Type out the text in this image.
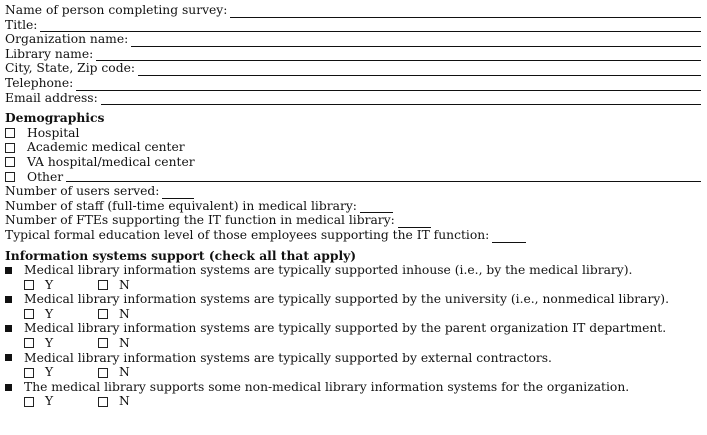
Name of person completing survey:
Title:
Organization name:
Library name:
City, State, Zip code:
Telephone:
Email address:
Demographics
Hospital
Academic medical center
VA hospital/medical center
Other
Number of users served:
Number of staff (full-time equivalent) in medical library:
Number of FTEs supporting the IT function in medical library:
Typical formal education level of those employees supporting the IT function:
Information systems support (check all that apply)
Medical library information systems are typically supported inhouse (i.e., by the medical library).
Y	N
Medical library information systems are typically supported by the university (i.e., nonmedical library).
Y	N
Medical library information systems are typically supported by the parent organization IT department.
Y	N
Medical library information systems are typically supported by external contractors.
Y	N
The medical library supports some non-medical library information systems for the organization.
Y	N
